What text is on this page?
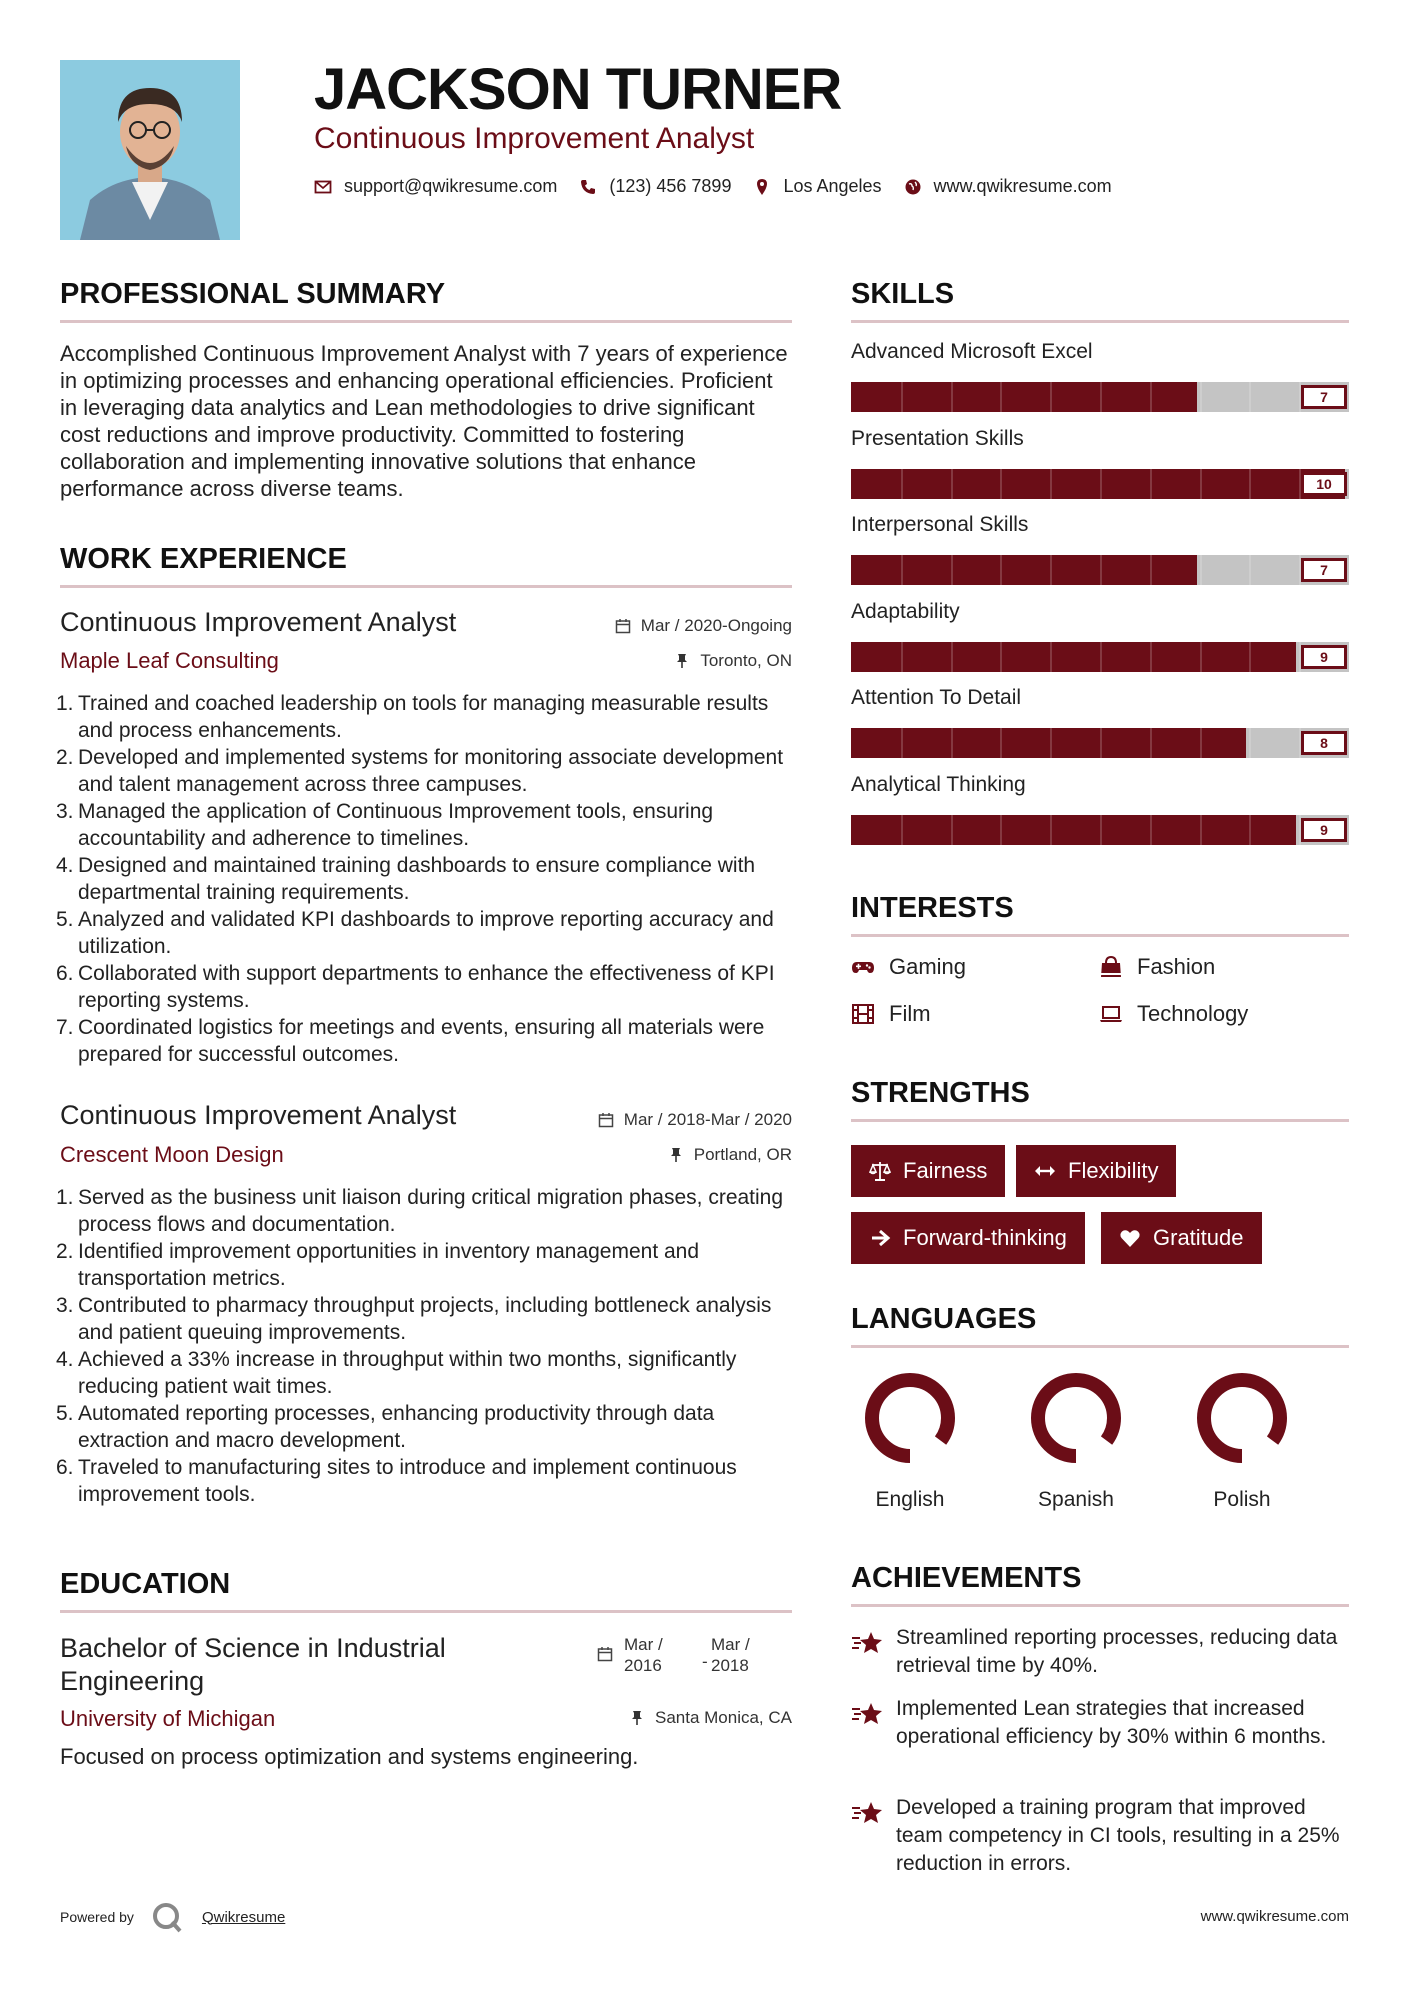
JACKSON TURNER
Continuous Improvement Analyst
support@qwikresume.com	(123) 456 7899	Los Angeles	www.qwikresume.com
PROFESSIONAL SUMMARY
Accomplished Continuous Improvement Analyst with 7 years of experience in optimizing processes and enhancing operational efficiencies. Proficient in leveraging data analytics and Lean methodologies to drive significant cost reductions and improve productivity. Committed to fostering collaboration and implementing innovative solutions that enhance performance across diverse teams.
WORK EXPERIENCE
Continuous Improvement Analyst
Maple Leaf Consulting
Mar / 2020-Ongoing
Toronto, ON
1. Trained and coached leadership on tools for managing measurable results and process enhancements.
2. Developed and implemented systems for monitoring associate development and talent management across three campuses.
3. Managed the application of Continuous Improvement tools, ensuring accountability and adherence to timelines.
4. Designed and maintained training dashboards to ensure compliance with departmental training requirements.
5. Analyzed and validated KPI dashboards to improve reporting accuracy and utilization.
6. Collaborated with support departments to enhance the effectiveness of KPI reporting systems.
7. Coordinated logistics for meetings and events, ensuring all materials were prepared for successful outcomes.
Continuous Improvement Analyst
Crescent Moon Design
Mar / 2018-Mar / 2020
Portland, OR
1. Served as the business unit liaison during critical migration phases, creating process flows and documentation.
2. Identified improvement opportunities in inventory management and transportation metrics.
3. Contributed to pharmacy throughput projects, including bottleneck analysis and patient queuing improvements.
4. Achieved a 33% increase in throughput within two months, significantly reducing patient wait times.
5. Automated reporting processes, enhancing productivity through data extraction and macro development.
6. Traveled to manufacturing sites to introduce and implement continuous improvement tools.
EDUCATION
Bachelor of Science in Industrial Engineering
University of Michigan
Focused on process optimization and systems engineering.
Mar /
2016 -
Mar /
2018
Santa Monica, CA
SKILLS
Advanced Microsoft Excel
7
Presentation Skills
10
Interpersonal Skills
7
Adaptability
9
Attention To Detail
8
Analytical Thinking
9
INTERESTS
Gaming	Fashion
Film	Technology
STRENGTHS
Fairness	Flexibility
Forward-thinking	Gratitude
LANGUAGES
English	Spanish	Polish
ACHIEVEMENTS
Streamlined reporting processes, reducing data retrieval time by 40%.
Implemented Lean strategies that increased operational efficiency by 30% within 6 months.
Developed a training program that improved team competency in CI tools, resulting in a 25% reduction in errors.
Powered by	Qwikresume	www.qwikresume.com
